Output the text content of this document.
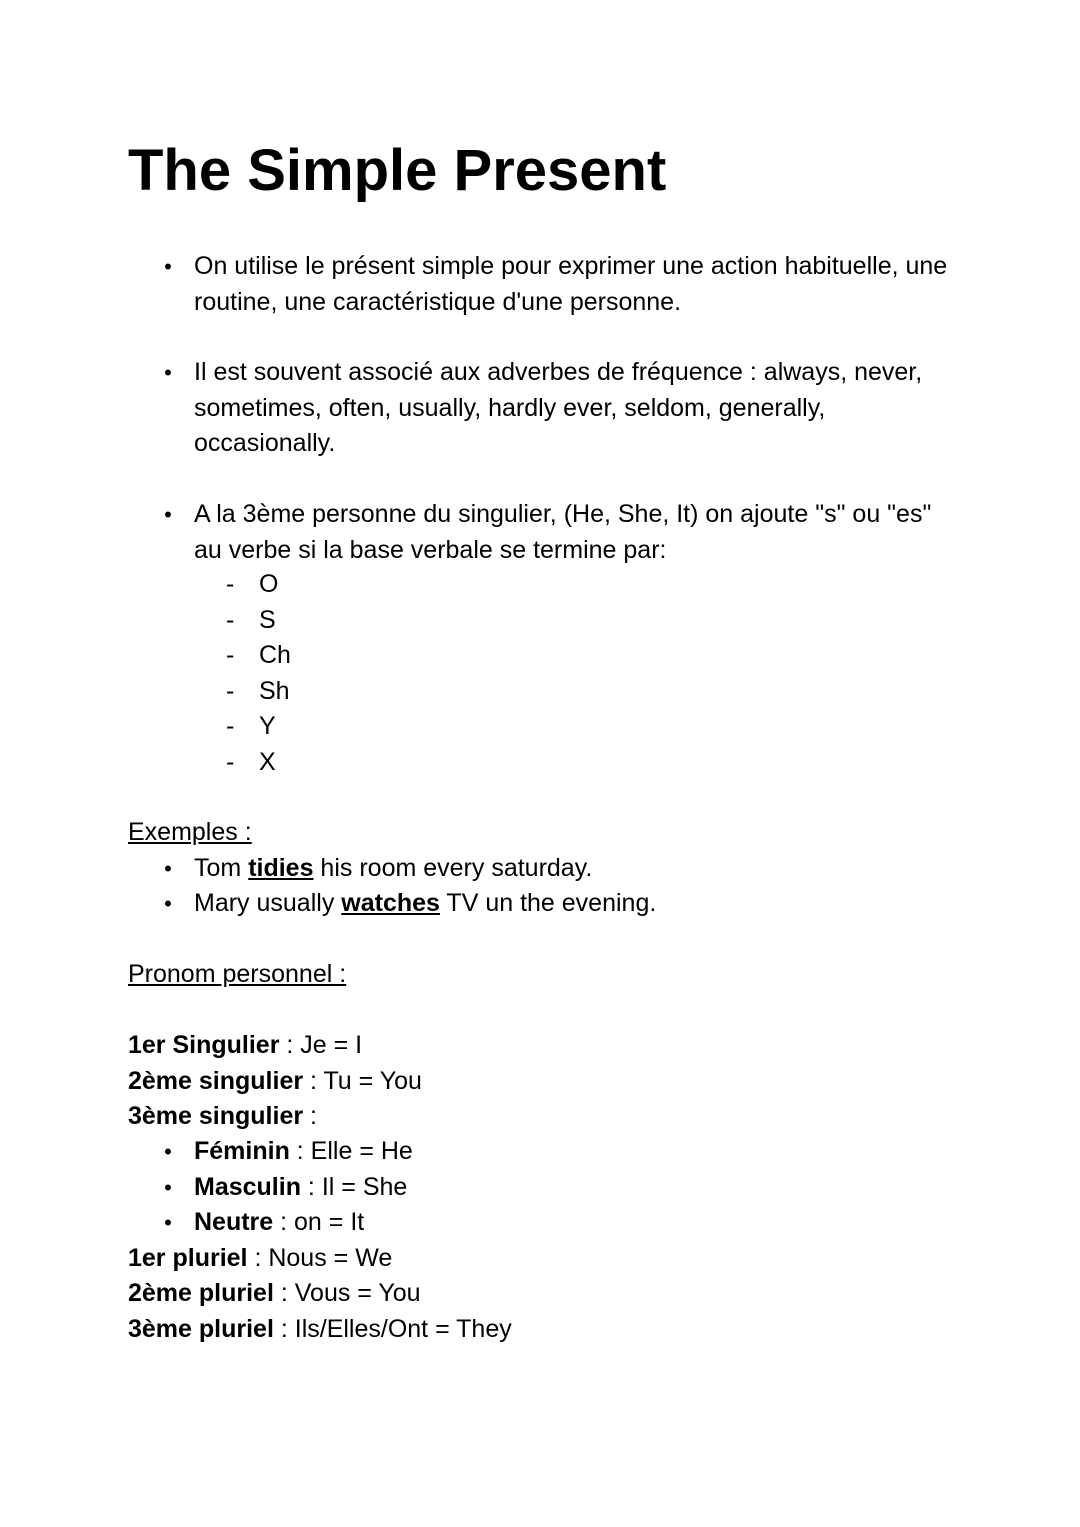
The Simple Present

• On utilise le présent simple pour exprimer une action habituelle, une routine, une caractéristique d'une personne.

• Il est souvent associé aux adverbes de fréquence : always, never, sometimes, often, usually, hardly ever, seldom, generally, occasionally.

• A la 3ème personne du singulier, (He, She, It) on ajoute "s" ou "es" au verbe si la base verbale se termine par:

- O
- S
- Ch
- Sh
- Y
- X
Exemples :

• Tom tidies his room every saturday.

• Mary usually watches TV un the evening.

Pronom personnel :
1er Singulier : Je = I
2ème singulier : Tu = You
3ème singulier :

• Féminin : Elle = He

• Masculin : Il = She

• Neutre : on = It

1er pluriel : Nous = We
2ème pluriel : Vous = You
3ème pluriel : Ils/Elles/Ont = They
